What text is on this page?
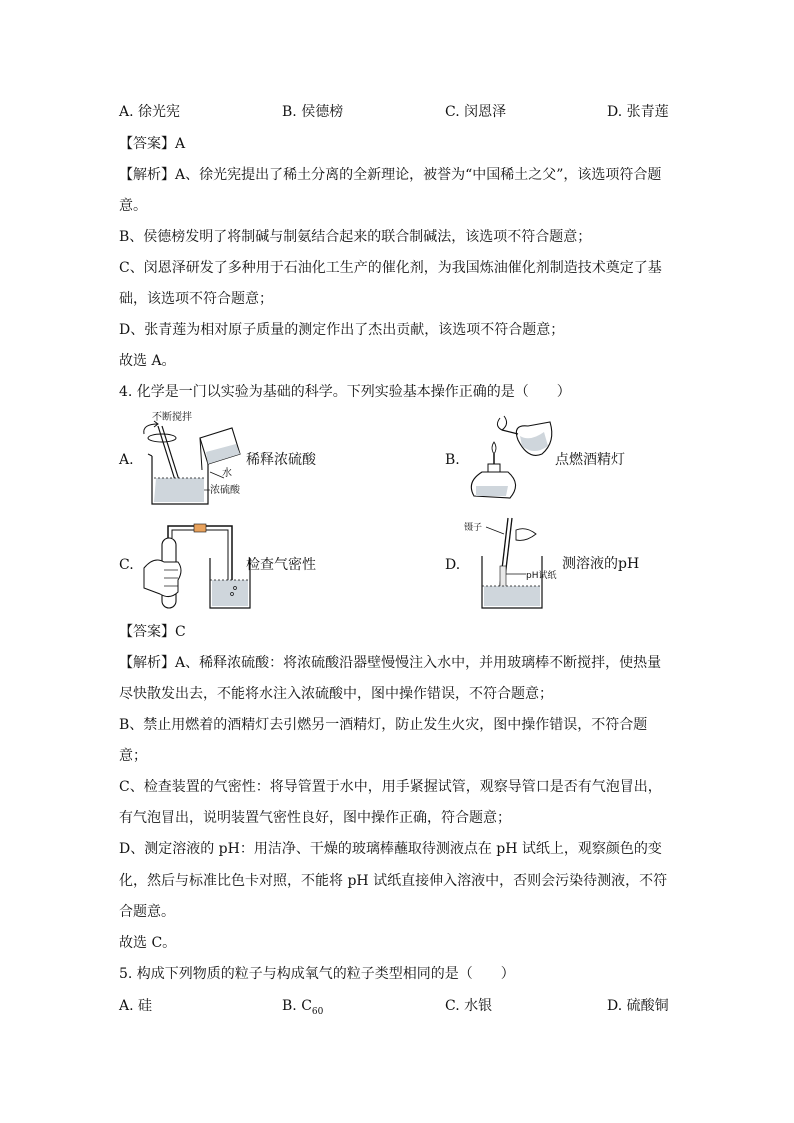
A. 徐光宪	B. 侯德榜	C. 闵恩泽	D. 张青莲
【答案】A
【解析】A、徐光宪提出了稀土分离的全新理论，被誉为“中国稀土之父”，该选项符合题
意。
B、侯德榜发明了将制碱与制氨结合起来的联合制碱法，该选项不符合题意；
C、闵恩泽研发了多种用于石油化工生产的催化剂，为我国炼油催化剂制造技术奠定了基
础，该选项不符合题意；
D、张青莲为相对原子质量的测定作出了杰出贡献，该选项不符合题意；
故选 A。
4. 化学是一门以实验为基础的科学。下列实验基本操作正确的是（　　）
A.
不断搅拌
水
浓硫酸
稀释浓硫酸	B.	点燃酒精灯
C.	检查气密性	D.
镊子
pH试纸
测溶液的pH
【答案】C
【解析】A、稀释浓硫酸：将浓硫酸沿器壁慢慢注入水中，并用玻璃棒不断搅拌，使热量
尽快散发出去，不能将水注入浓硫酸中，图中操作错误，不符合题意；
B、禁止用燃着的酒精灯去引燃另一酒精灯，防止发生火灾，图中操作错误，不符合题
意；
C、检查装置的气密性：将导管置于水中，用手紧握试管，观察导管口是否有气泡冒出，
有气泡冒出，说明装置气密性良好，图中操作正确，符合题意；
D、测定溶液的 pH：用洁净、干燥的玻璃棒蘸取待测液点在 pH 试纸上，观察颜色的变
化，然后与标准比色卡对照，不能将 pH 试纸直接伸入溶液中，否则会污染待测液，不符
合题意。
故选 C。
5. 构成下列物质的粒子与构成氧气的粒子类型相同的是（　　）
A. 硅	B. $C_{60}$	C. 水银	D. 硫酸铜
